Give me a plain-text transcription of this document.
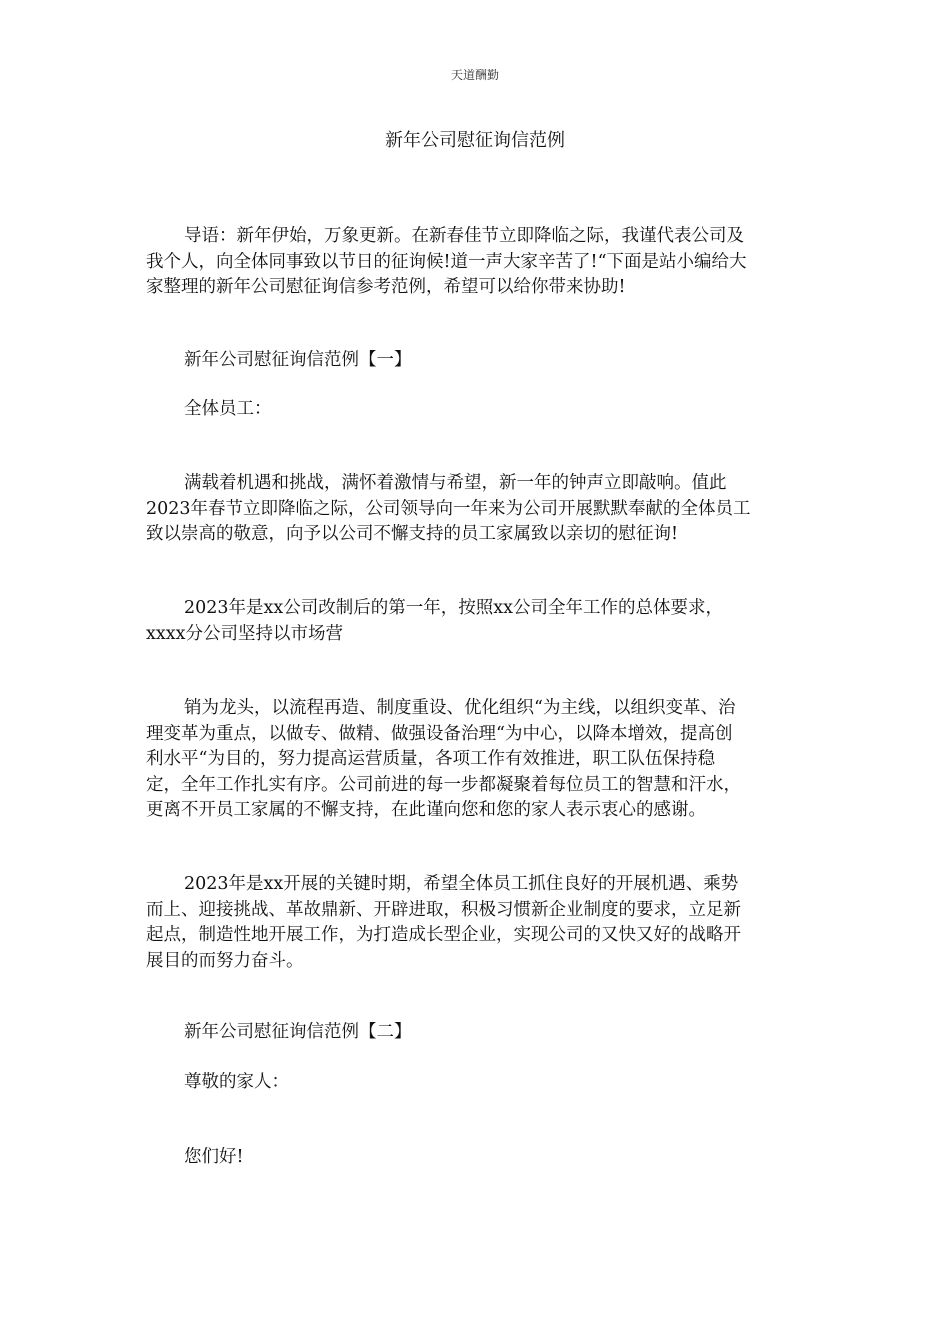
天道酬勤
新年公司慰征询信范例
导语：新年伊始，万象更新。在新春佳节立即降临之际，我谨代表公司及
我个人，向全体同事致以节日的征询候!道一声大家辛苦了!“下面是站小编给大
家整理的新年公司慰征询信参考范例，希望可以给你带来协助!
新年公司慰征询信范例【一】
全体员工：
满载着机遇和挑战，满怀着激情与希望，新一年的钟声立即敲响。值此
2023年春节立即降临之际，公司领导向一年来为公司开展默默奉献的全体员工
致以崇高的敬意，向予以公司不懈支持的员工家属致以亲切的慰征询!
2023年是xx公司改制后的第一年，按照xx公司全年工作的总体要求，
xxxx分公司坚持以市场营
销为龙头，以流程再造、制度重设、优化组织“为主线，以组织变革、治
理变革为重点，以做专、做精、做强设备治理“为中心，以降本增效，提高创
利水平“为目的，努力提高运营质量，各项工作有效推进，职工队伍保持稳
定，全年工作扎实有序。公司前进的每一步都凝聚着每位员工的智慧和汗水，
更离不开员工家属的不懈支持，在此谨向您和您的家人表示衷心的感谢。
2023年是xx开展的关键时期，希望全体员工抓住良好的开展机遇、乘势
而上、迎接挑战、革故鼎新、开辟进取，积极习惯新企业制度的要求，立足新
起点，制造性地开展工作，为打造成长型企业，实现公司的又快又好的战略开
展目的而努力奋斗。
新年公司慰征询信范例【二】
尊敬的家人：
您们好!
